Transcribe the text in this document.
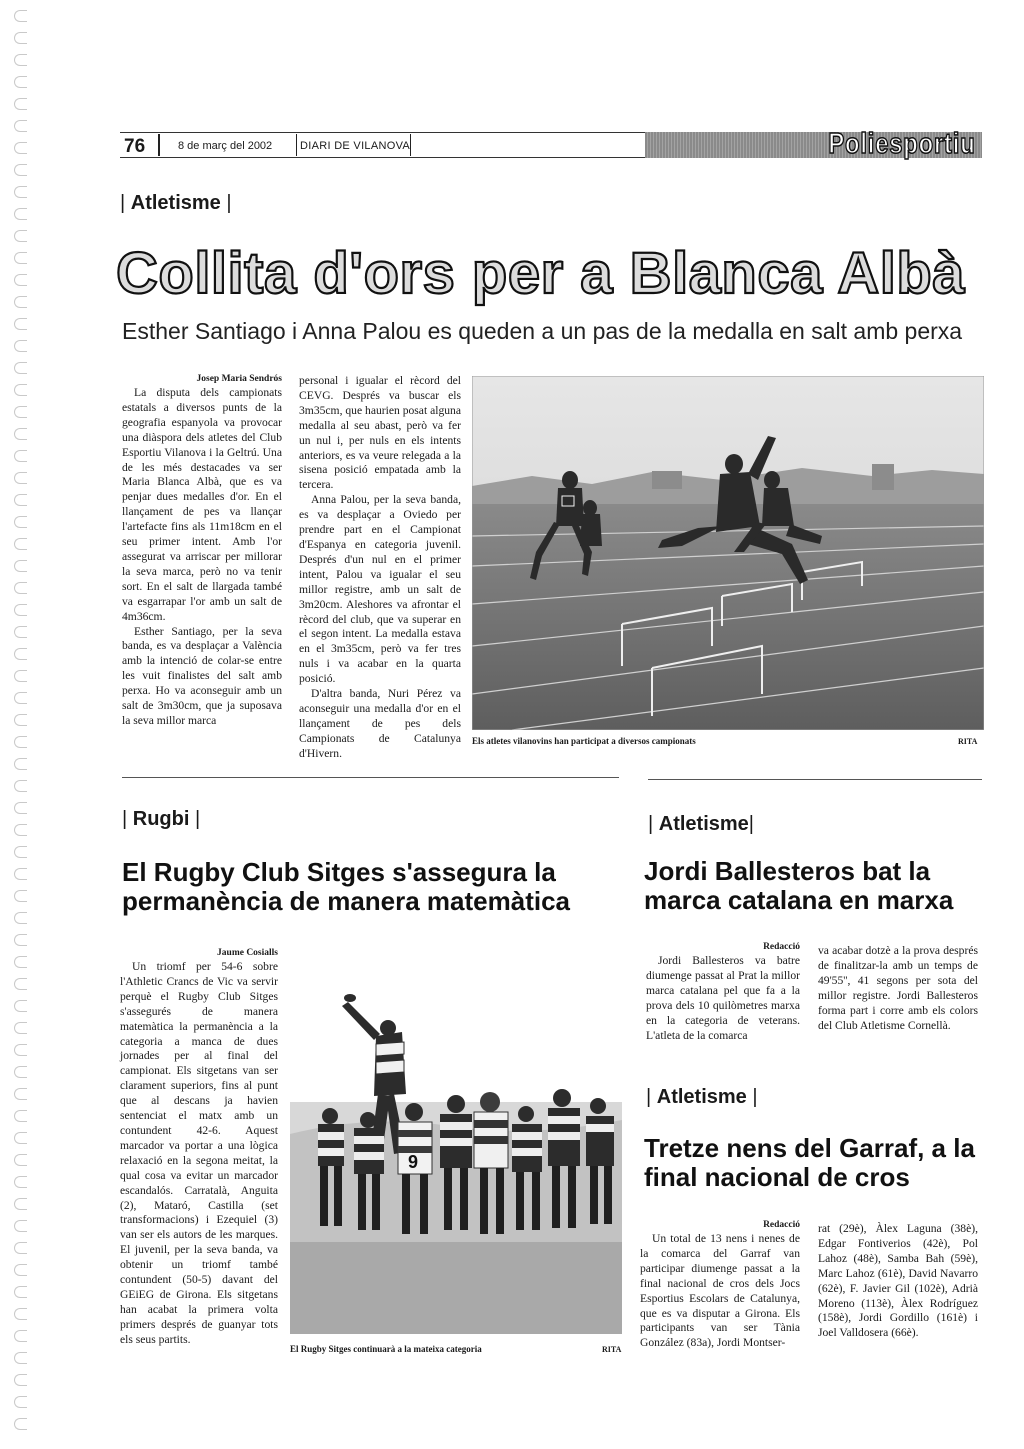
76	8 de març del 2002	DIARI DE VILANOVA	Poliesportiu
| Atletisme |
Collita d'ors per a Blanca Albà
Esther Santiago i Anna Palou es queden a un pas de la medalla en salt amb perxa
Josep Maria Sendrós

La disputa dels campionats estatals a diversos punts de la geografia espanyola va provocar una diàspora dels atletes del Club Esportiu Vilanova i la Geltrú. Una de les més destacades va ser Maria Blanca Albà, que es va penjar dues medalles d'or. En el llançament de pes va llançar l'artefacte fins als 11m18cm en el seu primer intent. Amb l'or assegurat va arriscar per millorar la seva marca, però no va tenir sort. En el salt de llargada també va esgarrapar l'or amb un salt de 4m36cm.

Esther Santiago, per la seva banda, es va desplaçar a València amb la intenció de colar-se entre les vuit finalistes del salt amb perxa. Ho va aconseguir amb un salt de 3m30cm, que ja suposava la seva millor marca

personal i igualar el rècord del CEVG. Després va buscar els 3m35cm, que haurien posat alguna medalla al seu abast, però va fer un nul i, per nuls en els intents anteriors, es va veure relegada a la sisena posició empatada amb la tercera.

Anna Palou, per la seva banda, es va desplaçar a Oviedo per prendre part en el Campionat d'Espanya en categoria juvenil. Després d'un nul en el primer intent, Palou va igualar el seu millor registre, amb un salt de 3m20cm. Aleshores va afrontar el rècord del club, que va superar en el segon intent. La medalla estava en el 3m35cm, però va fer tres nuls i va acabar en la quarta posició.

D'altra banda, Nuri Pérez va aconseguir una medalla d'or en el llançament de pes dels Campionats de Catalunya d'Hivern.

Els atletes vilanovins han participat a diversos campionats	RITA
| Rugbi |
El Rugby Club Sitges s'assegura la permanència de manera matemàtica
Jaume Cosialls

Un triomf per 54-6 sobre l'Athletic Crancs de Vic va servir perquè el Rugby Club Sitges s'assegurés de manera matemàtica la permanència a la categoria a manca de dues jornades per al final del campionat. Els sitgetans van ser clarament superiors, fins al punt que al descans ja havien sentenciat el matx amb un contundent 42-6. Aquest marcador va portar a una lògica relaxació en la segona meitat, la qual cosa va evitar un marcador escandalós. Carratalà, Anguita (2), Mataró, Castilla (set transformacions) i Ezequiel (3) van ser els autors de les marques. El juvenil, per la seva banda, va obtenir un triomf també contundent (50-5) davant del GEiEG de Girona. Els sitgetans han acabat la primera volta primers després de guanyar tots els seus partits.

9
El Rugby Sitges continuarà a la mateixa categoria	RITA
| Atletisme|
Jordi Ballesteros bat la marca catalana en marxa
Redacció

Jordi Ballesteros va batre diumenge passat al Prat la millor marca catalana pel que fa a la prova dels 10 quilòmetres marxa en la categoria de veterans. L'atleta de la comarca

va acabar dotzè a la prova després de finalitzar-la amb un temps de 49'55'', 41 segons per sota del millor registre. Jordi Ballesteros forma part i corre amb els colors del Club Atletisme Cornellà.

| Atletisme |
Tretze nens del Garraf, a la final nacional de cros
Redacció

Un total de 13 nens i nenes de la comarca del Garraf van participar diumenge passat a la final nacional de cros dels Jocs Esportius Escolars de Catalunya, que es va disputar a Girona. Els participants van ser Tània González (83a), Jordi Montser-

rat (29è), Àlex Laguna (38è), Edgar Fontiverios (42è), Pol Lahoz (48è), Samba Bah (59è), Marc Lahoz (61è), David Navarro (62è), F. Javier Gil (102è), Adrià Moreno (113è), Àlex Rodríguez (158è), Jordi Gordillo (161è) i Joel Valldosera (66è).
